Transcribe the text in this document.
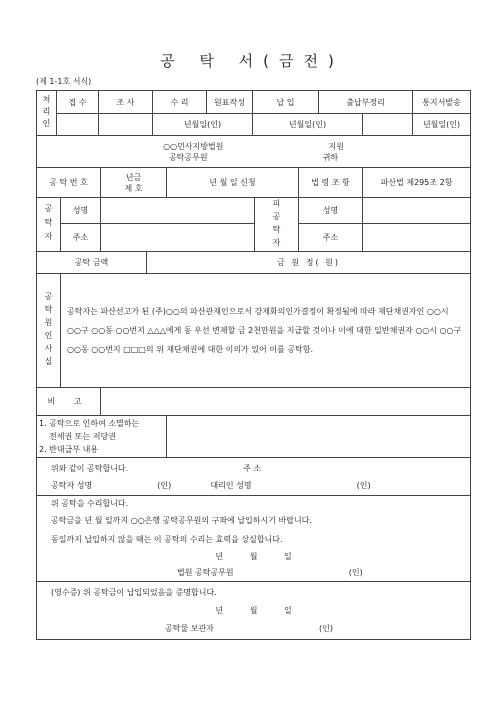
공 탁 서(금전)
(제 1-1호 서식)
처리인	접 수	조 사	수 리	원표작성	납 입	출납부정리		통지서발송
			년월일(인)		년월일(인)			년월일(인)
○○민사지방법원 지원
공탁공무원 귀하							

공 탁 번 호		년금
제 호		년 월 일 신청		법 령 조 항	파산법 제295조 2항
공탁자	성명				피공탁자	성명	
	주소					주소	
공탁 금액			금 원 정( 원)				
공탁원인사실	공탁자는 파산선고가 된 (주)○○의 파산관재인으로서 강제화의인가결정이 확정됨에 따라 재단채권자인 ○○시 ○○구 ○○동 ○○번지 △△△에게 동 우선 변제할 금 2천만원을 지급할 것이나 이에 대한 일반채권자 ○○시 ○○구 ○○동 ○○번지 □□□의 위 재단채권에 대한 이의가 있어 이를 공탁함.						
비 고							

1. 공탁으로 인하여 소멸하는
전세권 또는 저당권
2. 반대급부 내용							

위와 같이 공탁합니다. 주 소
공탁자 성명 (인) 대리인 성명 (인)							

위 공탁을 수리합니다.
공탁금을 년 월 일까지 ○○은행 공탁공무원의 구좌에 납입하시기 바랍니다.
동일까지 납입하지 않을 때는 이 공탁의 수리는 효력을 상실합니다.
년 월 일
법원 공탁공무원 (인)							

(영수증) 위 공탁금이 납입되었음을 증명합니다.
년 월 일
공탁물 보관자 (인)							
